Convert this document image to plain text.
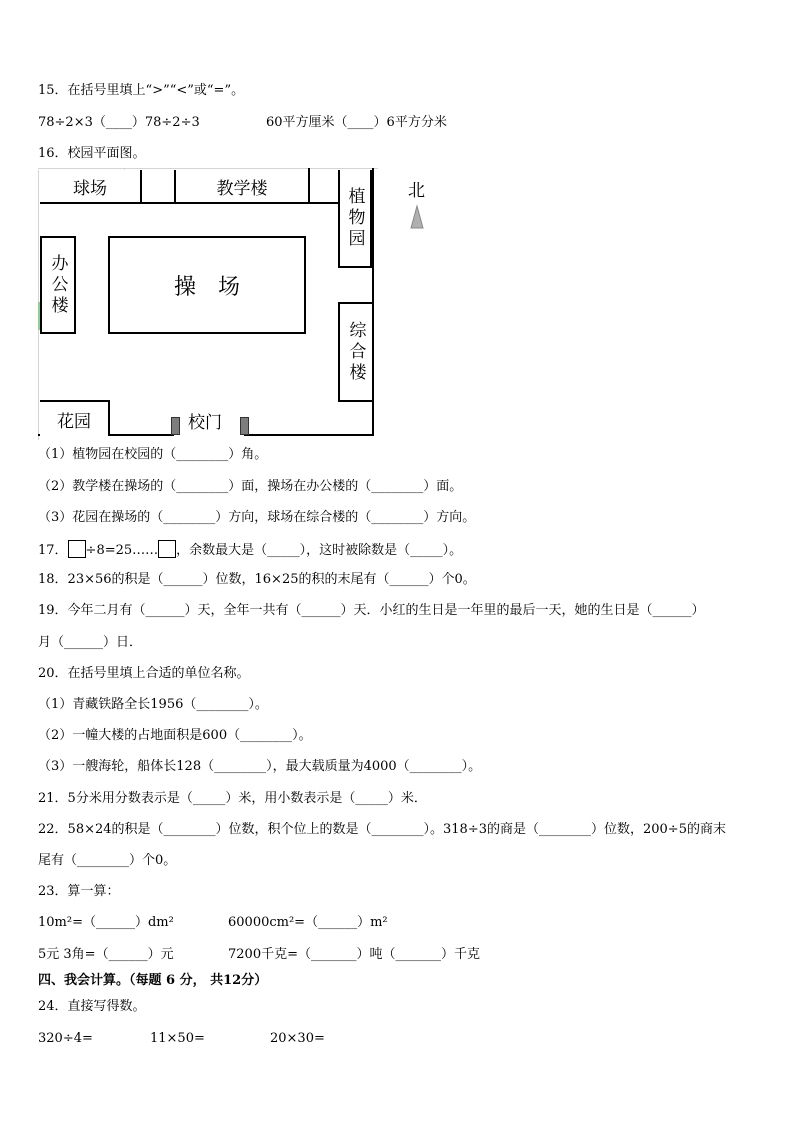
15．在括号里填上“>”“<”或“=”。
78÷2×3（____）78÷2÷3	60平方厘米（____）6平方分米
16．校园平面图。
球场	教学楼	植物园
办公楼	操　场
综合楼
花园	校门
北
（1）植物园在校园的（________）角。
（2）教学楼在操场的（________）面，操场在办公楼的（________）面。
（3）花园在操场的（________）方向，球场在综合楼的（________）方向。
17． ÷8=25…… ，余数最大是（_____），这时被除数是（_____）。
18．23×56的积是（______）位数，16×25的积的末尾有（______）个0。
19．今年二月有（______）天，全年一共有（______）天．小红的生日是一年里的最后一天，她的生日是（______）
月（______）日．
20．在括号里填上合适的单位名称。
（1）青藏铁路全长1956（________）。
（2）一幢大楼的占地面积是600（________）。
（3）一艘海轮，船体长128（________），最大载质量为4000（________）。
21．5分米用分数表示是（_____）米，用小数表示是（_____）米．
22．58×24的积是（________）位数，积个位上的数是（________）。318÷3的商是（________）位数，200÷5的商末
尾有（________）个0。
23．算一算：
10m²=（______）dm²	60000cm²=（______）m²
5元 3角=（______）元	7200千克=（_______）吨（_______）千克
四、我会计算。（每题 6 分， 共12分）
24．直接写得数。
320÷4=	11×50=	20×30=
